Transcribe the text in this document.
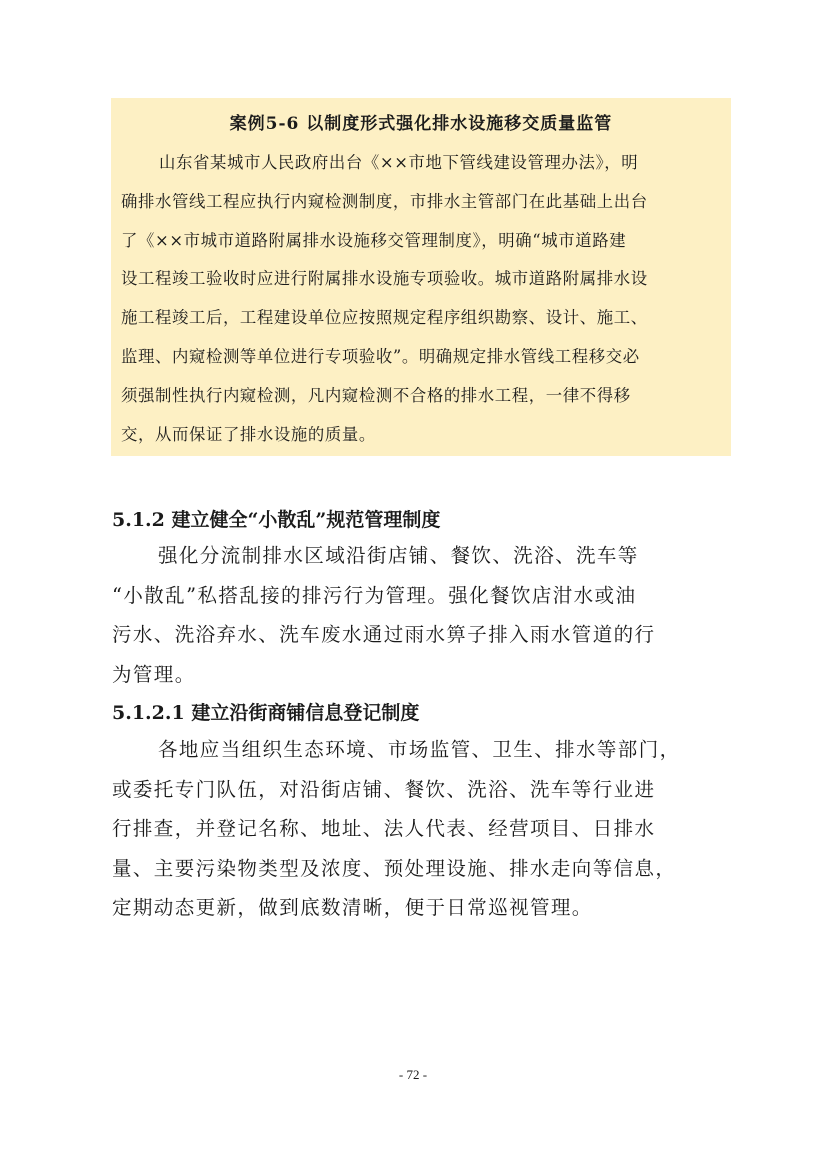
案例5-6 以制度形式强化排水设施移交质量监管
山东省某城市人民政府出台《××市地下管线建设管理办法》，明
确排水管线工程应执行内窥检测制度，市排水主管部门在此基础上出台
了《××市城市道路附属排水设施移交管理制度》，明确“城市道路建
设工程竣工验收时应进行附属排水设施专项验收。城市道路附属排水设
施工程竣工后，工程建设单位应按照规定程序组织勘察、设计、施工、
监理、内窥检测等单位进行专项验收”。明确规定排水管线工程移交必
须强制性执行内窥检测，凡内窥检测不合格的排水工程，一律不得移
交，从而保证了排水设施的质量。
5.1.2 建立健全“小散乱”规范管理制度
强化分流制排水区域沿街店铺、餐饮、洗浴、洗车等
“小散乱”私搭乱接的排污行为管理。强化餐饮店泔水或油
污水、洗浴弃水、洗车废水通过雨水箅子排入雨水管道的行
为管理。
5.1.2.1 建立沿街商铺信息登记制度
各地应当组织生态环境、市场监管、卫生、排水等部门，
或委托专门队伍，对沿街店铺、餐饮、洗浴、洗车等行业进
行排查，并登记名称、地址、法人代表、经营项目、日排水
量、主要污染物类型及浓度、预处理设施、排水走向等信息，
定期动态更新，做到底数清晰，便于日常巡视管理。
- 72 -
